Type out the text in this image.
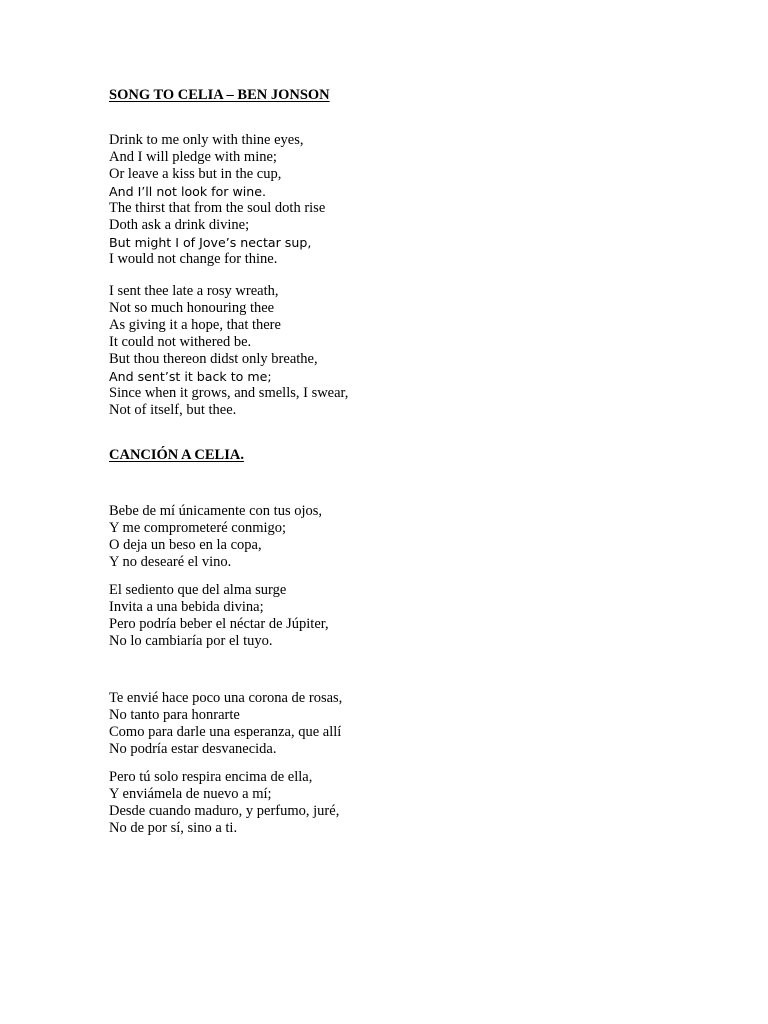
SONG TO CELIA – BEN JONSON
Drink to me only with thine eyes,
And I will pledge with mine;
Or leave a kiss but in the cup,
And I’ll not look for wine.
The thirst that from the soul doth rise
Doth ask a drink divine;
But might I of Jove’s nectar sup,
I would not change for thine.
I sent thee late a rosy wreath,
Not so much honouring thee
As giving it a hope, that there
It could not withered be.
But thou thereon didst only breathe,
And sent’st it back to me;
Since when it grows, and smells, I swear,
Not of itself, but thee.
CANCIÓN A CELIA.
Bebe de mí únicamente con tus ojos,
Y me comprometeré conmigo;
O deja un beso en la copa,
Y no desearé el vino.
El sediento que del alma surge
Invita a una bebida divina;
Pero podría beber el néctar de Júpiter,
No lo cambiaría por el tuyo.
Te envié hace poco una corona de rosas,
No tanto para honrarte
Como para darle una esperanza, que allí
No podría estar desvanecida.
Pero tú solo respira encima de ella,
Y enviámela de nuevo a mí;
Desde cuando maduro, y perfumo, juré,
No de por sí, sino a ti.
